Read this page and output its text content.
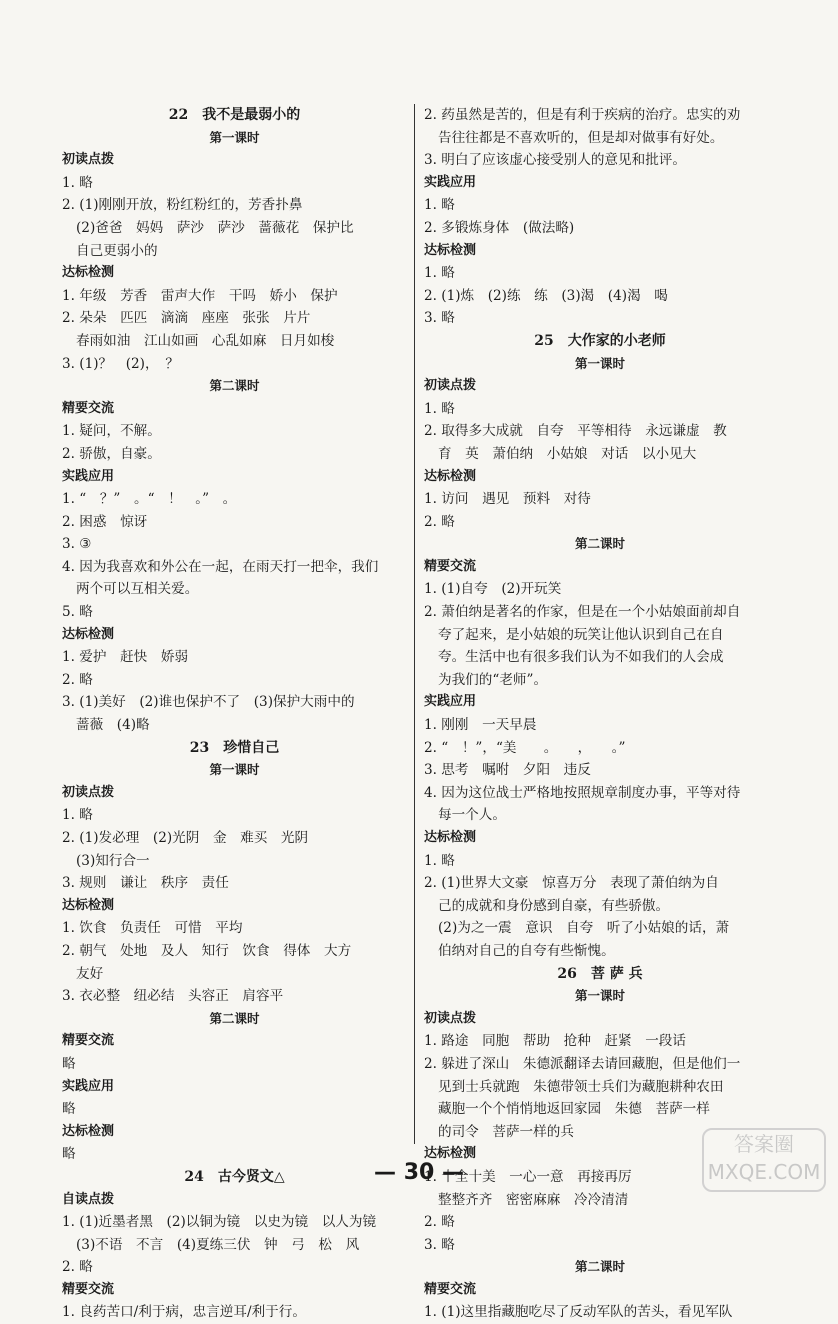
22　我不是最弱小的
第一课时
初读点拨
1. 略
2. (1)刚刚开放，粉红粉红的，芳香扑鼻
(2)爸爸　妈妈　萨沙　萨沙　蔷薇花　保护比
自己更弱小的
达标检测
1. 年级　芳香　雷声大作　干吗　娇小　保护
2. 朵朵　匹匹　滴滴　座座　张张　片片
春雨如油　江山如画　心乱如麻　日月如梭
3. (1)？　(2)，　？
第二课时
精要交流
1. 疑问，不解。
2. 骄傲，自豪。
实践应用
1. “　？”　。“　！　。”　。
2. 困惑　惊讶
3. ③
4. 因为我喜欢和外公在一起，在雨天打一把伞，我们
两个可以互相关爱。
5. 略
达标检测
1. 爱护　赶快　娇弱
2. 略
3. (1)美好　(2)谁也保护不了　(3)保护大雨中的
蔷薇　(4)略
23　珍惜自己
第一课时
初读点拨
1. 略
2. (1)发必理　(2)光阴　金　难买　光阴
(3)知行合一
3. 规则　谦让　秩序　责任
达标检测
1. 饮食　负责任　可惜　平均
2. 朝气　处地　及人　知行　饮食　得体　大方
友好
3. 衣必整　纽必结　头容正　肩容平
第二课时
精要交流
略
实践应用
略
达标检测
略
24　古今贤文△
自读点拨
1. (1)近墨者黑　(2)以铜为镜　以史为镜　以人为镜
(3)不语　不言　(4)夏练三伏　钟　弓　松　风
2. 略
精要交流
1. 良药苦口/利于病，忠言逆耳/利于行。
2. 药虽然是苦的，但是有利于疾病的治疗。忠实的劝
告往往都是不喜欢听的，但是却对做事有好处。
3. 明白了应该虚心接受别人的意见和批评。
实践应用
1. 略
2. 多锻炼身体　(做法略)
达标检测
1. 略
2. (1)炼　(2)练　练　(3)渴　(4)渴　喝
3. 略
25　大作家的小老师
第一课时
初读点拨
1. 略
2. 取得多大成就　自夸　平等相待　永远谦虚　教
育　英　萧伯纳　小姑娘　对话　以小见大
达标检测
1. 访问　遇见　预料　对待
2. 略
第二课时
精要交流
1. (1)自夸　(2)开玩笑
2. 萧伯纳是著名的作家，但是在一个小姑娘面前却自
夸了起来，是小姑娘的玩笑让他认识到自己在自
夸。生活中也有很多我们认为不如我们的人会成
为我们的“老师”。
实践应用
1. 刚刚　一天早晨
2. “　！”，“美　　。　　，　　。”
3. 思考　嘱咐　夕阳　违反
4. 因为这位战士严格地按照规章制度办事，平等对待
每一个人。
达标检测
1. 略
2. (1)世界大文豪　惊喜万分　表现了萧伯纳为自
己的成就和身份感到自豪，有些骄傲。
(2)为之一震　意识　自夸　听了小姑娘的话，萧
伯纳对自己的自夸有些惭愧。
26　菩 萨 兵
第一课时
初读点拨
1. 路途　同胞　帮助　抢种　赶紧　一段话
2. 躲进了深山　朱德派翻译去请回藏胞，但是他们一
见到士兵就跑　朱德带领士兵们为藏胞耕种农田
藏胞一个个悄悄地返回家园　朱德　菩萨一样
的司令　菩萨一样的兵
达标检测
1. 十全十美　一心一意　再接再厉
整整齐齐　密密麻麻　冷冷清清
2. 略
3. 略
第二课时
精要交流
1. (1)这里指藏胞吃尽了反动军队的苦头，看见军队
— 30 —
答案圈
MXQE.COM
